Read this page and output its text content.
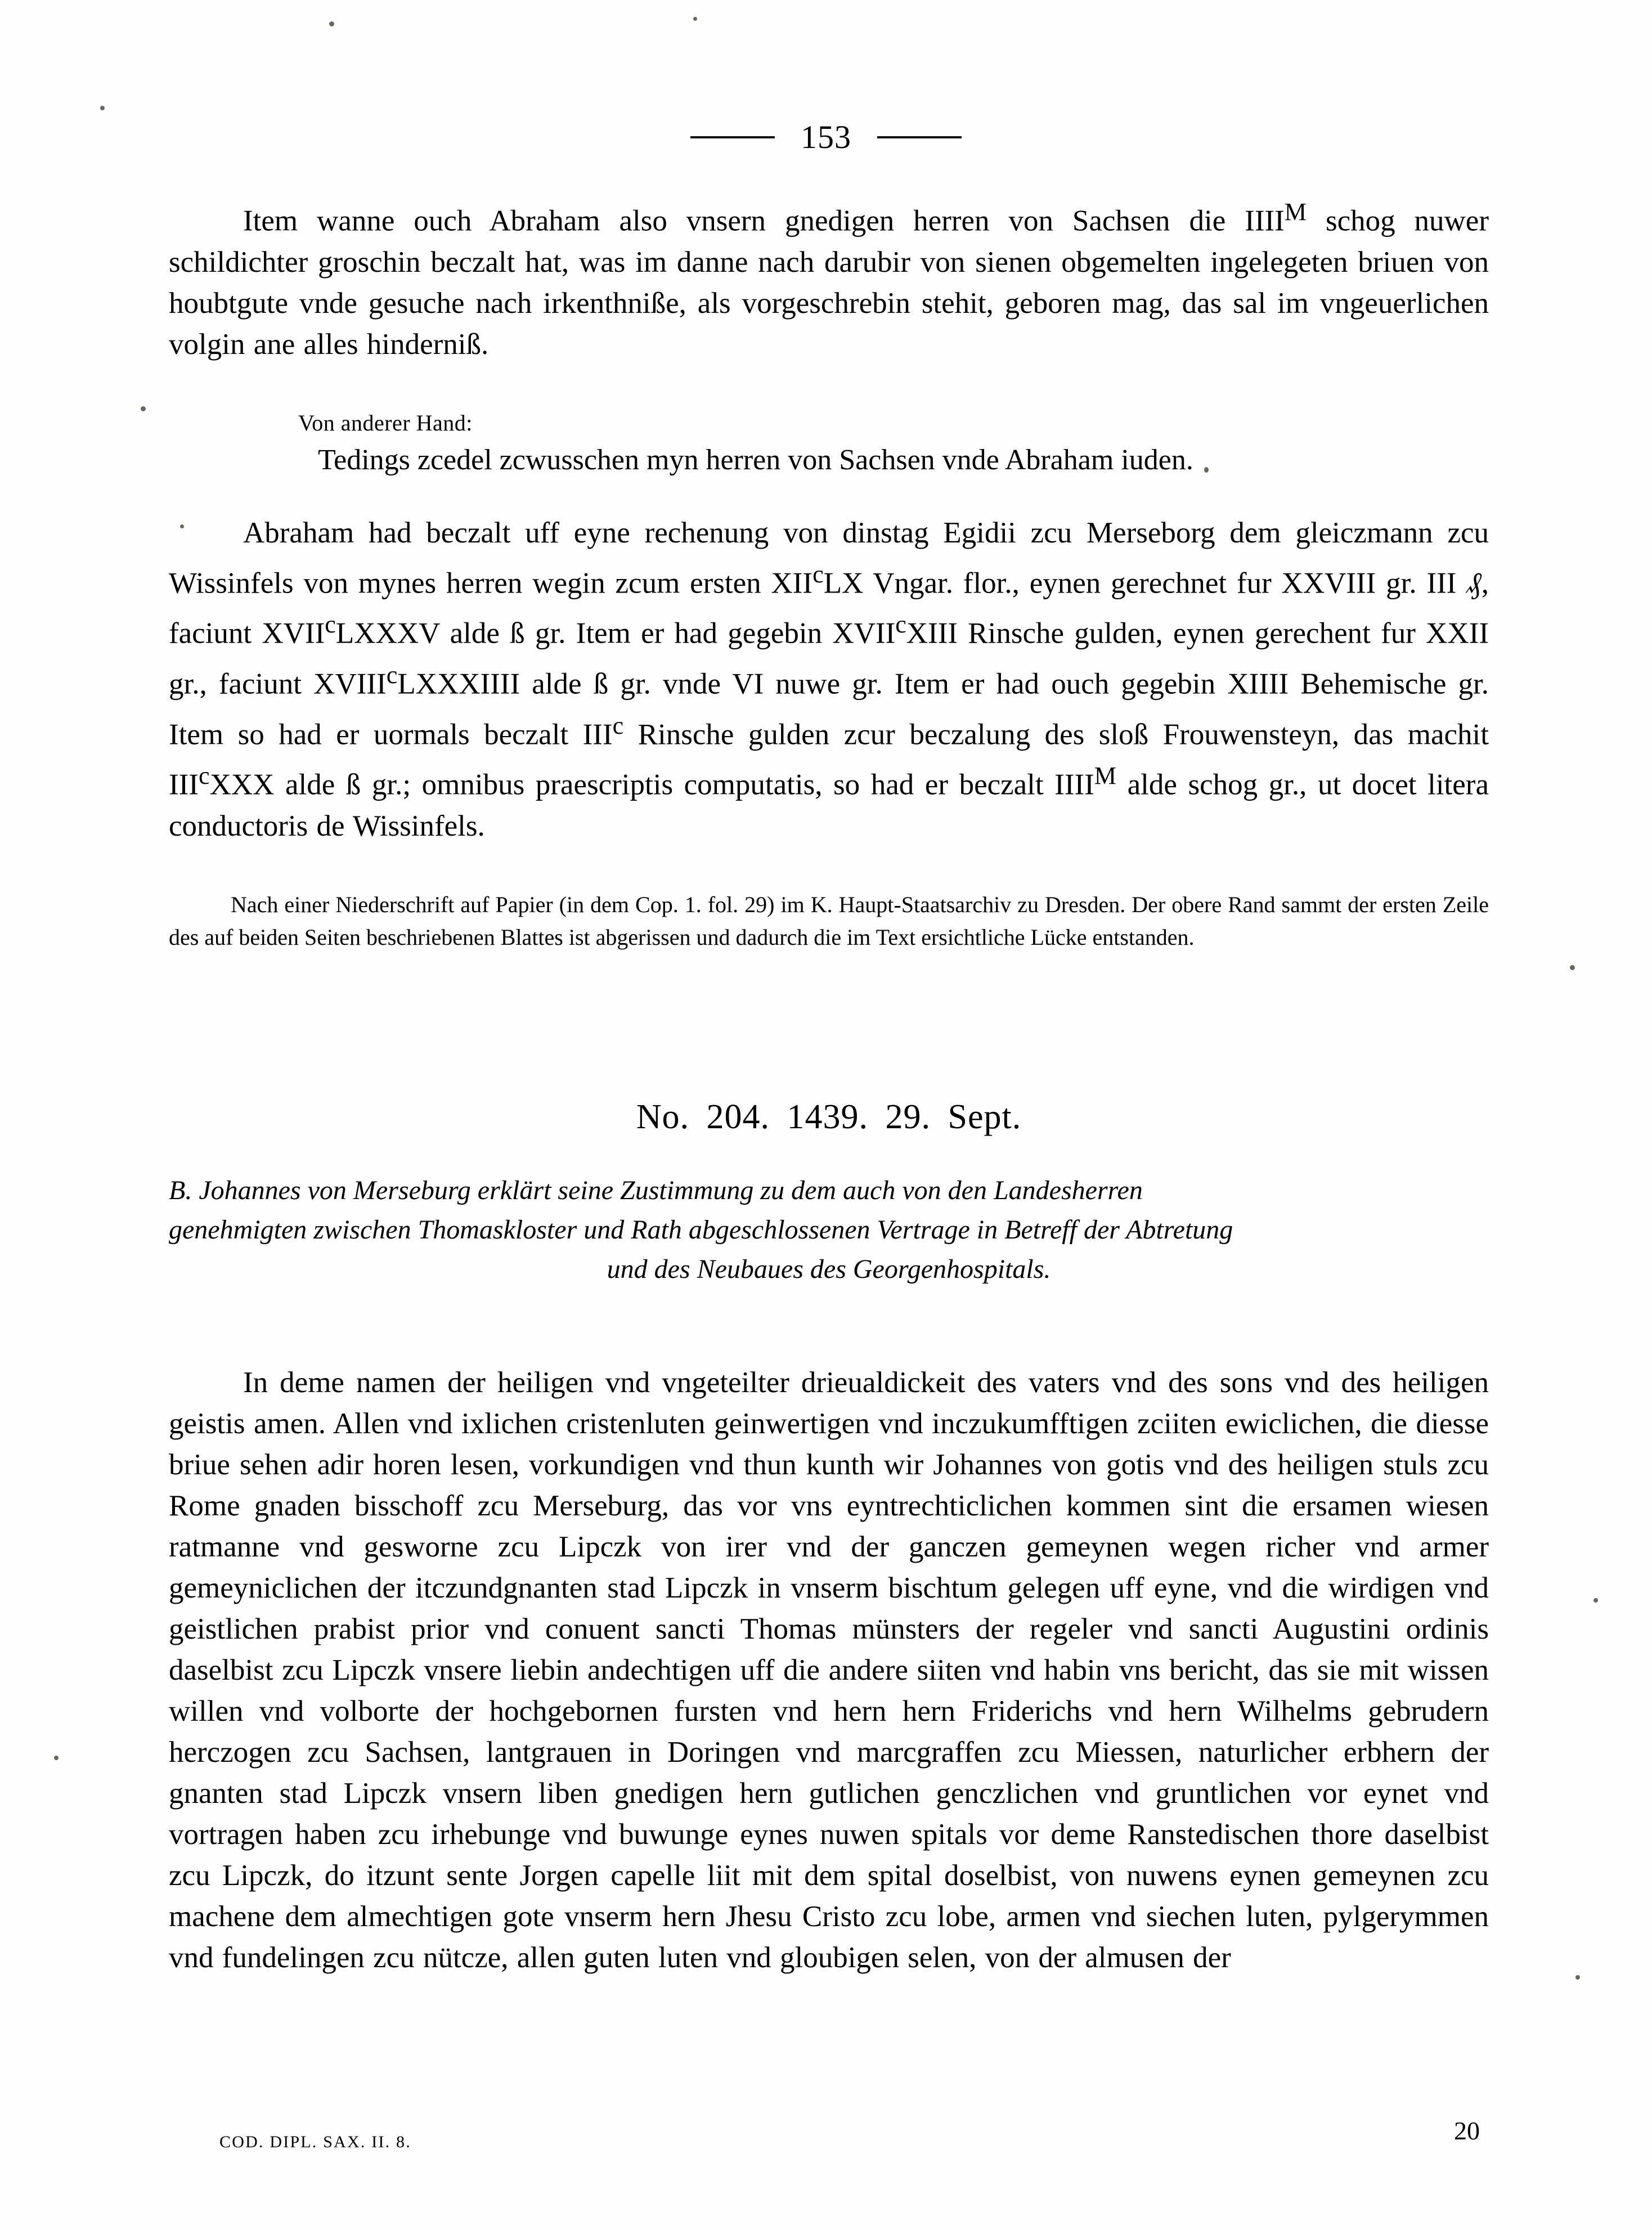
153

Item wanne ouch Abraham also vnsern gnedigen herren von Sachsen die $IIII^M$ schog nuwer schildichter groschin beczalt hat, was im danne nach darubir von sienen obgemelten ingelegeten briuen von houbtgute vnde gesuche nach irkenthniße, als vorgeschrebin stehit, geboren mag, das sal im vngeuerlichen volgin ane alles hinderniß.

Von anderer Hand:

Tedings zcedel zcwusschen myn herren von Sachsen vnde Abraham iuden.

Abraham had beczalt uff eyne rechenung von dinstag Egidii zcu Merseborg dem gleiczmann zcu Wissinfels von mynes herren wegin zcum ersten XII$^c$LX Vngar. flor., eynen gerechnet fur XXVIII gr. III ₰, faciunt XVII$^c$LXXXV alde ß gr. Item er had gegebin XVII$^c$XIII Rinsche gulden, eynen gerechent fur XXII gr., faciunt XVIII$^c$LXXXIIII alde ß gr. vnde VI nuwe gr. Item er had ouch gegebin XIIII Behemische gr. Item so had er uormals beczalt III$^c$ Rinsche gulden zcur beczalung des sloß Frouwensteyn, das machit III$^c$XXX alde ß gr.; omnibus praescriptis computatis, so had er beczalt $IIII^M$ alde schog gr., ut docet litera conductoris de Wissinfels.

Nach einer Niederschrift auf Papier (in dem Cop. 1. fol. 29) im K. Haupt-Staatsarchiv zu Dresden. Der obere Rand sammt der ersten Zeile des auf beiden Seiten beschriebenen Blattes ist abgerissen und dadurch die im Text ersichtliche Lücke entstanden.

No. 204. 1439. 29. Sept.

B. Johannes von Merseburg erklärt seine Zustimmung zu dem auch von den Landesherren

genehmigten zwischen Thomaskloster und Rath abgeschlossenen Vertrage in Betreff der Abtretung

und des Neubaues des Georgenhospitals.

In deme namen der heiligen vnd vngeteilter drieualdickeit des vaters vnd des sons vnd des heiligen geistis amen. Allen vnd ixlichen cristenluten geinwertigen vnd inczukumfftigen zciiten ewiclichen, die diesse briue sehen adir horen lesen, vorkundigen vnd thun kunth wir Johannes von gotis vnd des heiligen stuls zcu Rome gnaden bisschoff zcu Merseburg, das vor vns eyntrechticlichen kommen sint die ersamen wiesen ratmanne vnd gesworne zcu Lipczk von irer vnd der ganczen gemeynen wegen richer vnd armer gemeyniclichen der itczundgnanten stad Lipczk in vnserm bischtum gelegen uff eyne, vnd die wirdigen vnd geistlichen prabist prior vnd conuent sancti Thomas münsters der regeler vnd sancti Augustini ordinis daselbist zcu Lipczk vnsere liebin andechtigen uff die andere siiten vnd habin vns bericht, das sie mit wissen willen vnd volborte der hochgebornen fursten vnd hern hern Friderichs vnd hern Wilhelms gebrudern herczogen zcu Sachsen, lantgrauen in Doringen vnd marcgraffen zcu Miessen, naturlicher erbhern der gnanten stad Lipczk vnsern liben gnedigen hern gutlichen genczlichen vnd gruntlichen vor eynet vnd vortragen haben zcu irhebunge vnd buwunge eynes nuwen spitals vor deme Ranstedischen thore daselbist zcu Lipczk, do itzunt sente Jorgen capelle liit mit dem spital doselbist, von nuwens eynen gemeynen zcu machene dem almechtigen gote vnserm hern Jhesu Cristo zcu lobe, armen vnd siechen luten, pylgerymmen vnd fundelingen zcu nütcze, allen guten luten vnd gloubigen selen, von der almusen der

COD. DIPL. SAX. II. 8.	20
